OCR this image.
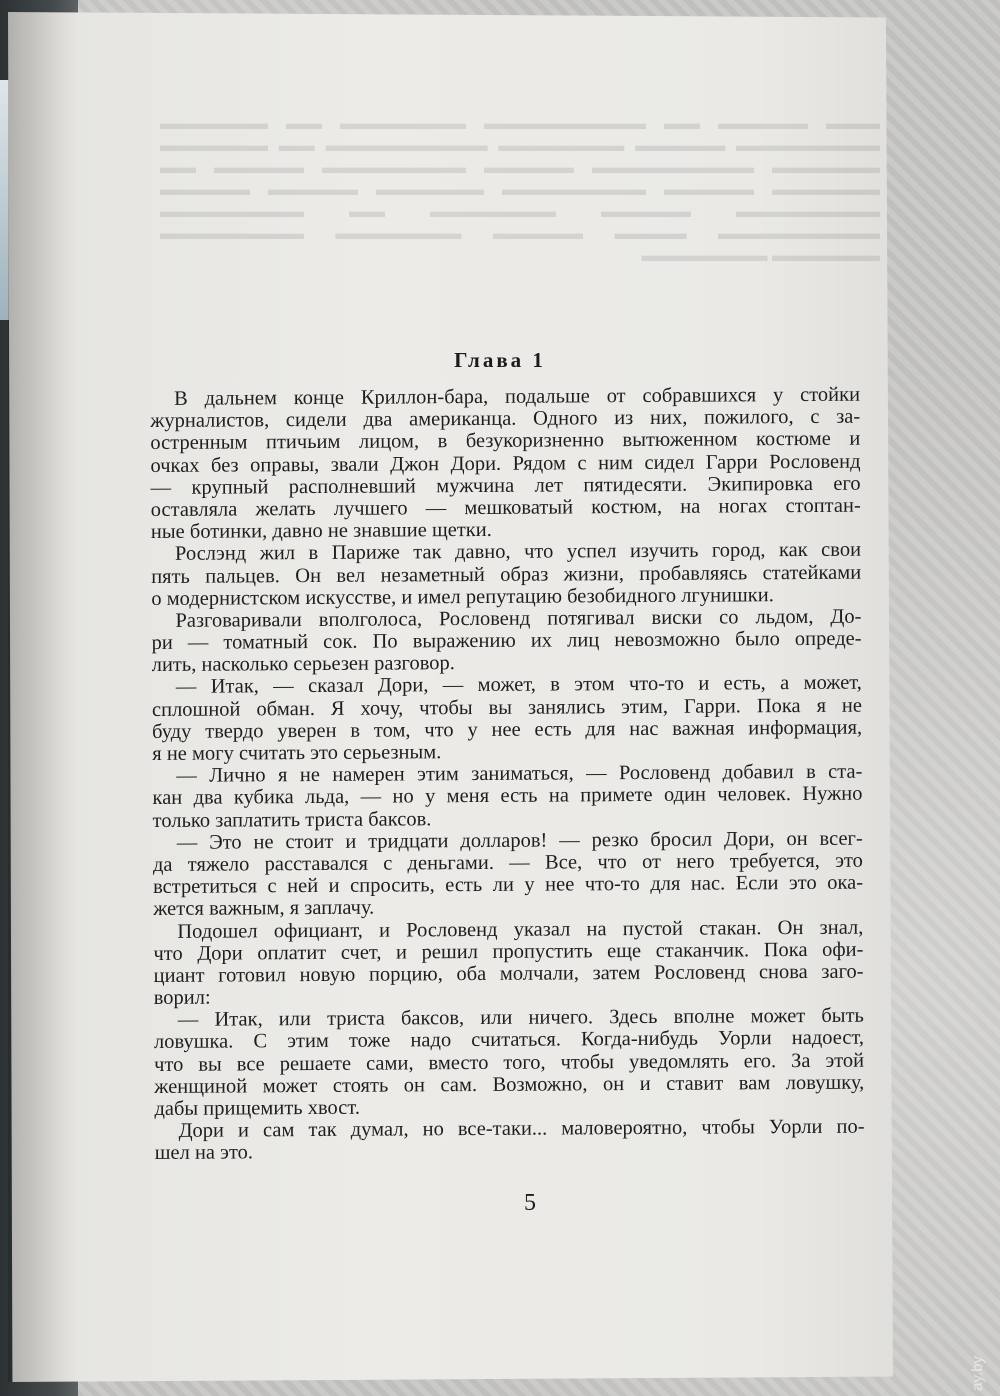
▬▬▬ ▬▬▬▬▬ ▬▬ ▬▬▬▬▬▬▬▬▬ ▬▬▬▬▬▬▬ ▬▬ ▬▬▬▬▬▬ ▬▬▬▬▬▬▬▬ ▬▬▬▬▬ ▬▬▬▬▬▬▬ ▬▬▬▬▬▬▬▬▬ ▬▬ ▬▬▬▬▬▬ ▬▬▬▬▬▬ ▬▬▬▬▬▬▬▬▬ ▬▬▬▬▬ ▬▬▬▬▬▬▬▬ ▬▬▬▬▬ ▬▬ ▬▬▬▬▬▬ ▬▬▬▬▬ ▬▬▬▬▬▬▬▬ ▬▬▬▬▬▬ ▬▬▬▬▬ ▬▬▬▬▬ ▬▬▬▬▬▬▬▬ ▬▬▬▬▬ ▬▬▬▬▬▬▬ ▬▬ ▬▬▬▬▬▬▬▬ ▬▬▬▬▬▬▬▬▬ ▬▬▬▬ ▬▬▬▬▬ ▬▬▬▬▬▬▬ ▬▬▬▬▬▬▬▬ ▬▬▬▬▬▬ ▬▬▬▬▬▬▬

Глава 1
В дальнем конце Криллон-бара, подальше от собравшихся у стойки
журналистов, сидели два американца. Одного из них, пожилого, с за-
остренным птичьим лицом, в безукоризненно вытюженном костюме и
очках без оправы, звали Джон Дори. Рядом с ним сидел Гарри Рословенд
— крупный располневший мужчина лет пятидесяти. Экипировка его
оставляла желать лучшего — мешковатый костюм, на ногах стоптан-
ные ботинки, давно не знавшие щетки.
Рослэнд жил в Париже так давно, что успел изучить город, как свои
пять пальцев. Он вел незаметный образ жизни, пробавляясь статейками
о модернистском искусстве, и имел репутацию безобидного лгунишки.
Разговаривали вполголоса, Рословенд потягивал виски со льдом, До-
ри — томатный сок. По выражению их лиц невозможно было опреде-
лить, насколько серьезен разговор.
— Итак, — сказал Дори, — может, в этом что-то и есть, а может,
сплошной обман. Я хочу, чтобы вы занялись этим, Гарри. Пока я не
буду твердо уверен в том, что у нее есть для нас важная информация,
я не могу считать это серьезным.
— Лично я не намерен этим заниматься, — Рословенд добавил в ста-
кан два кубика льда, — но у меня есть на примете один человек. Нужно
только заплатить триста баксов.
— Это не стоит и тридцати долларов! — резко бросил Дори, он всег-
да тяжело расставался с деньгами. — Все, что от него требуется, это
встретиться с ней и спросить, есть ли у нее что-то для нас. Если это ока-
жется важным, я заплачу.
Подошел официант, и Рословенд указал на пустой стакан. Он знал,
что Дори оплатит счет, и решил пропустить еще стаканчик. Пока офи-
циант готовил новую порцию, оба молчали, затем Рословенд снова заго-
ворил:
— Итак, или триста баксов, или ничего. Здесь вполне может быть
ловушка. С этим тоже надо считаться. Когда-нибудь Уорли надоест,
что вы все решаете сами, вместо того, чтобы уведомлять его. За этой
женщиной может стоять он сам. Возможно, он и ставит вам ловушку,
дабы прищемить хвост.
Дори и сам так думал, но все-таки... маловероятно, чтобы Уорли по-
шел на это.
5
ay.by
